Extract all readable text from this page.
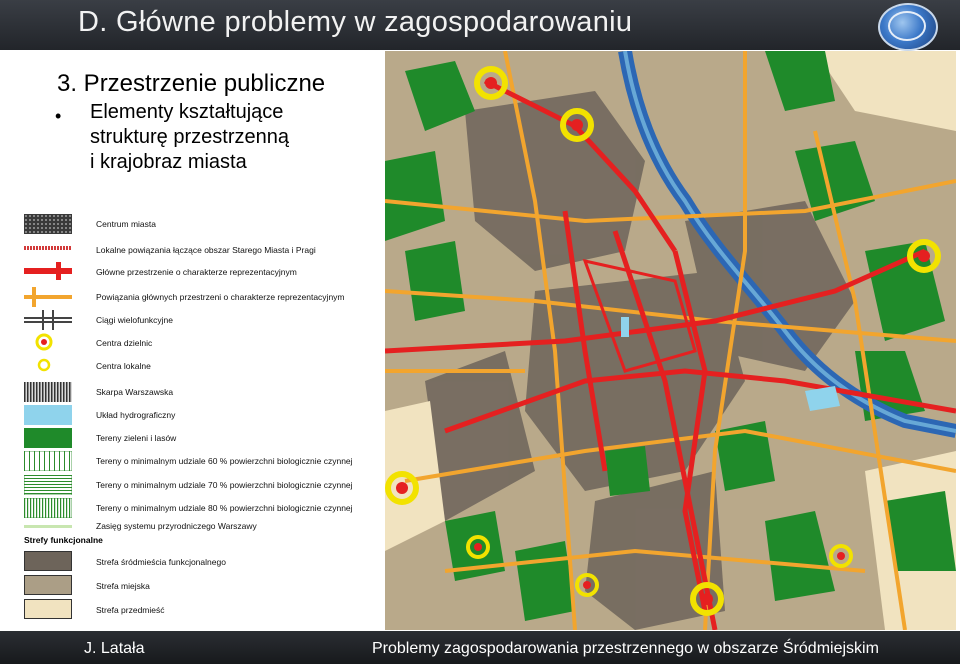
D. Główne problemy w zagospodarowaniu
3. Przestrzenie publiczne
• Elementy kształtujące
strukturę przestrzenną
i krajobraz miasta
Centrum miasta
Lokalne powiązania łączące obszar Starego Miasta i Pragi
Główne przestrzenie o charakterze reprezentacyjnym
Powiązania głównych przestrzeni o charakterze reprezentacyjnym
Ciągi wielofunkcyjne
Centra dzielnic
Centra lokalne
Skarpa Warszawska
Układ hydrograficzny
Tereny zieleni i lasów
Tereny o minimalnym udziale 60 % powierzchni biologicznie czynnej
Tereny o minimalnym udziale 70 % powierzchni biologicznie czynnej
Tereny o minimalnym udziale 80 % powierzchni biologicznie czynnej
Zasięg systemu przyrodniczego Warszawy
Strefy funkcjonalne
Strefa śródmieścia funkcjonalnego
Strefa miejska
Strefa przedmieść
J. Latała	Problemy zagospodarowania przestrzennego w obszarze Śródmiejskim
